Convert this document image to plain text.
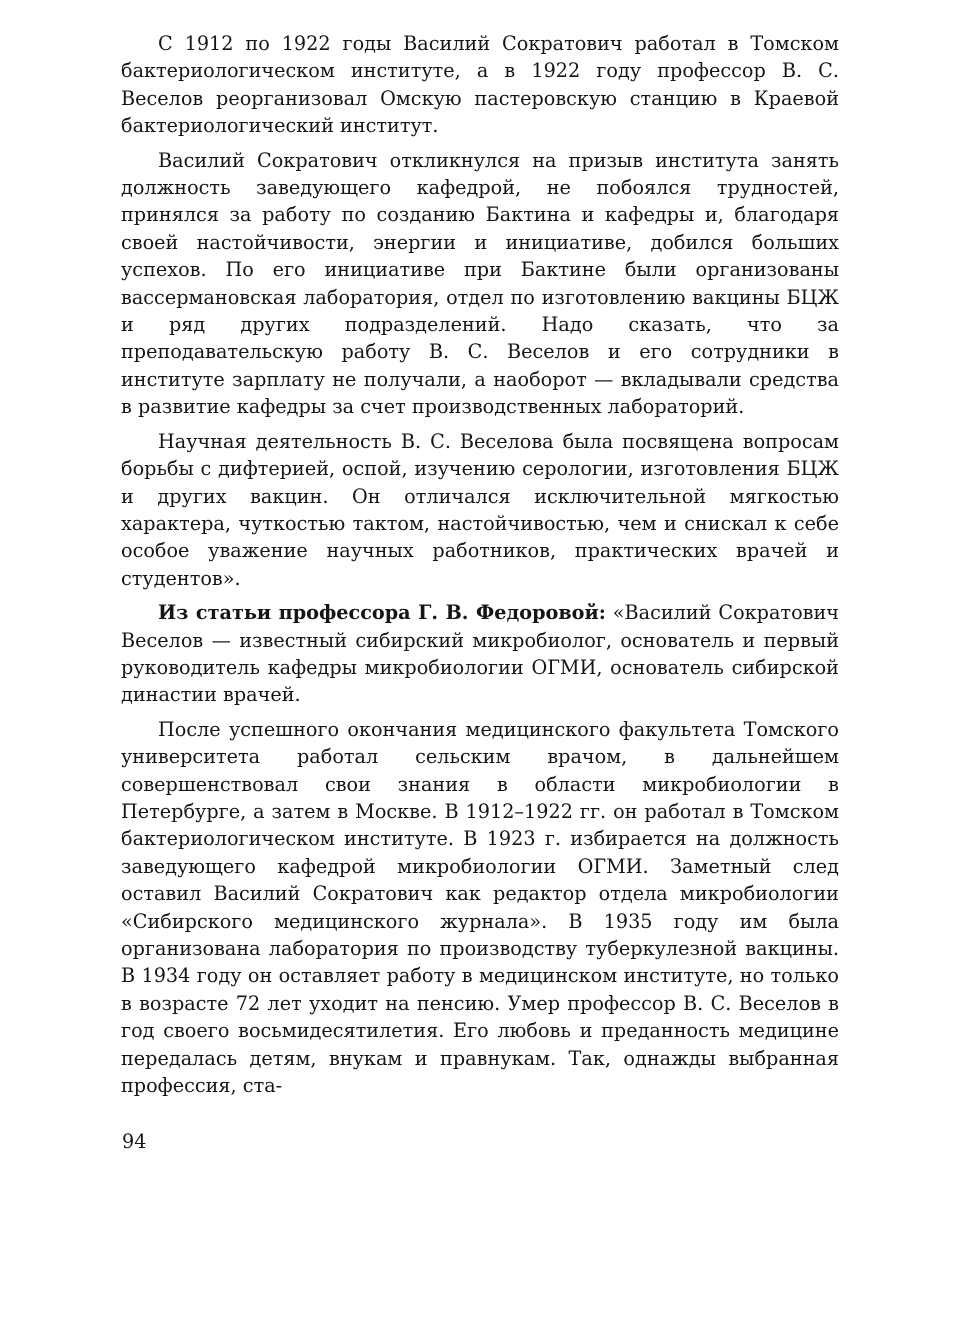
С 1912 по 1922 годы Василий Сократович работал в Томском бактериологическом институте, а в 1922 году профессор В. С. Веселов реорганизовал Омскую пастеровскую станцию в Краевой бактериологический институт.

Василий Сократович откликнулся на призыв института занять должность заведующего кафедрой, не побоялся трудностей, принялся за работу по созданию Бактина и кафедры и, благодаря своей настойчивости, энергии и инициативе, добился больших успехов. По его инициативе при Бактине были организованы вассермановская лаборатория, отдел по изготовлению вакцины БЦЖ и ряд других подразделений. Надо сказать, что за преподавательскую работу В. С. Веселов и его сотрудники в институте зарплату не получали, а наоборот — вкладывали средства в развитие кафедры за счет производственных лабораторий.

Научная деятельность В. С. Веселова была посвящена вопросам борьбы с дифтерией, оспой, изучению серологии, изготовления БЦЖ и других вакцин. Он отличался исключительной мягкостью характера, чуткостью тактом, настойчивостью, чем и снискал к себе особое уважение научных работников, практических врачей и студентов».

Из статьи профессора Г. В. Федоровой: «Василий Сократович Веселов — известный сибирский микробиолог, основатель и первый руководитель кафедры микробиологии ОГМИ, основатель сибирской династии врачей.

После успешного окончания медицинского факультета Томского университета работал сельским врачом, в дальнейшем совершенствовал свои знания в области микробиологии в Петербурге, а затем в Москве. В 1912–1922 гг. он работал в Томском бактериологическом институте. В 1923 г. избирается на должность заведующего кафедрой микробиологии ОГМИ. Заметный след оставил Василий Сократович как редактор отдела микробиологии «Сибирского медицинского журнала». В 1935 году им была организована лаборатория по производству туберкулезной вакцины. В 1934 году он оставляет работу в медицинском институте, но только в возрасте 72 лет уходит на пенсию. Умер профессор В. С. Веселов в год своего восьмидесятилетия. Его любовь и преданность медицине передалась детям, внукам и правнукам. Так, однажды выбранная профессия, ста-

94
